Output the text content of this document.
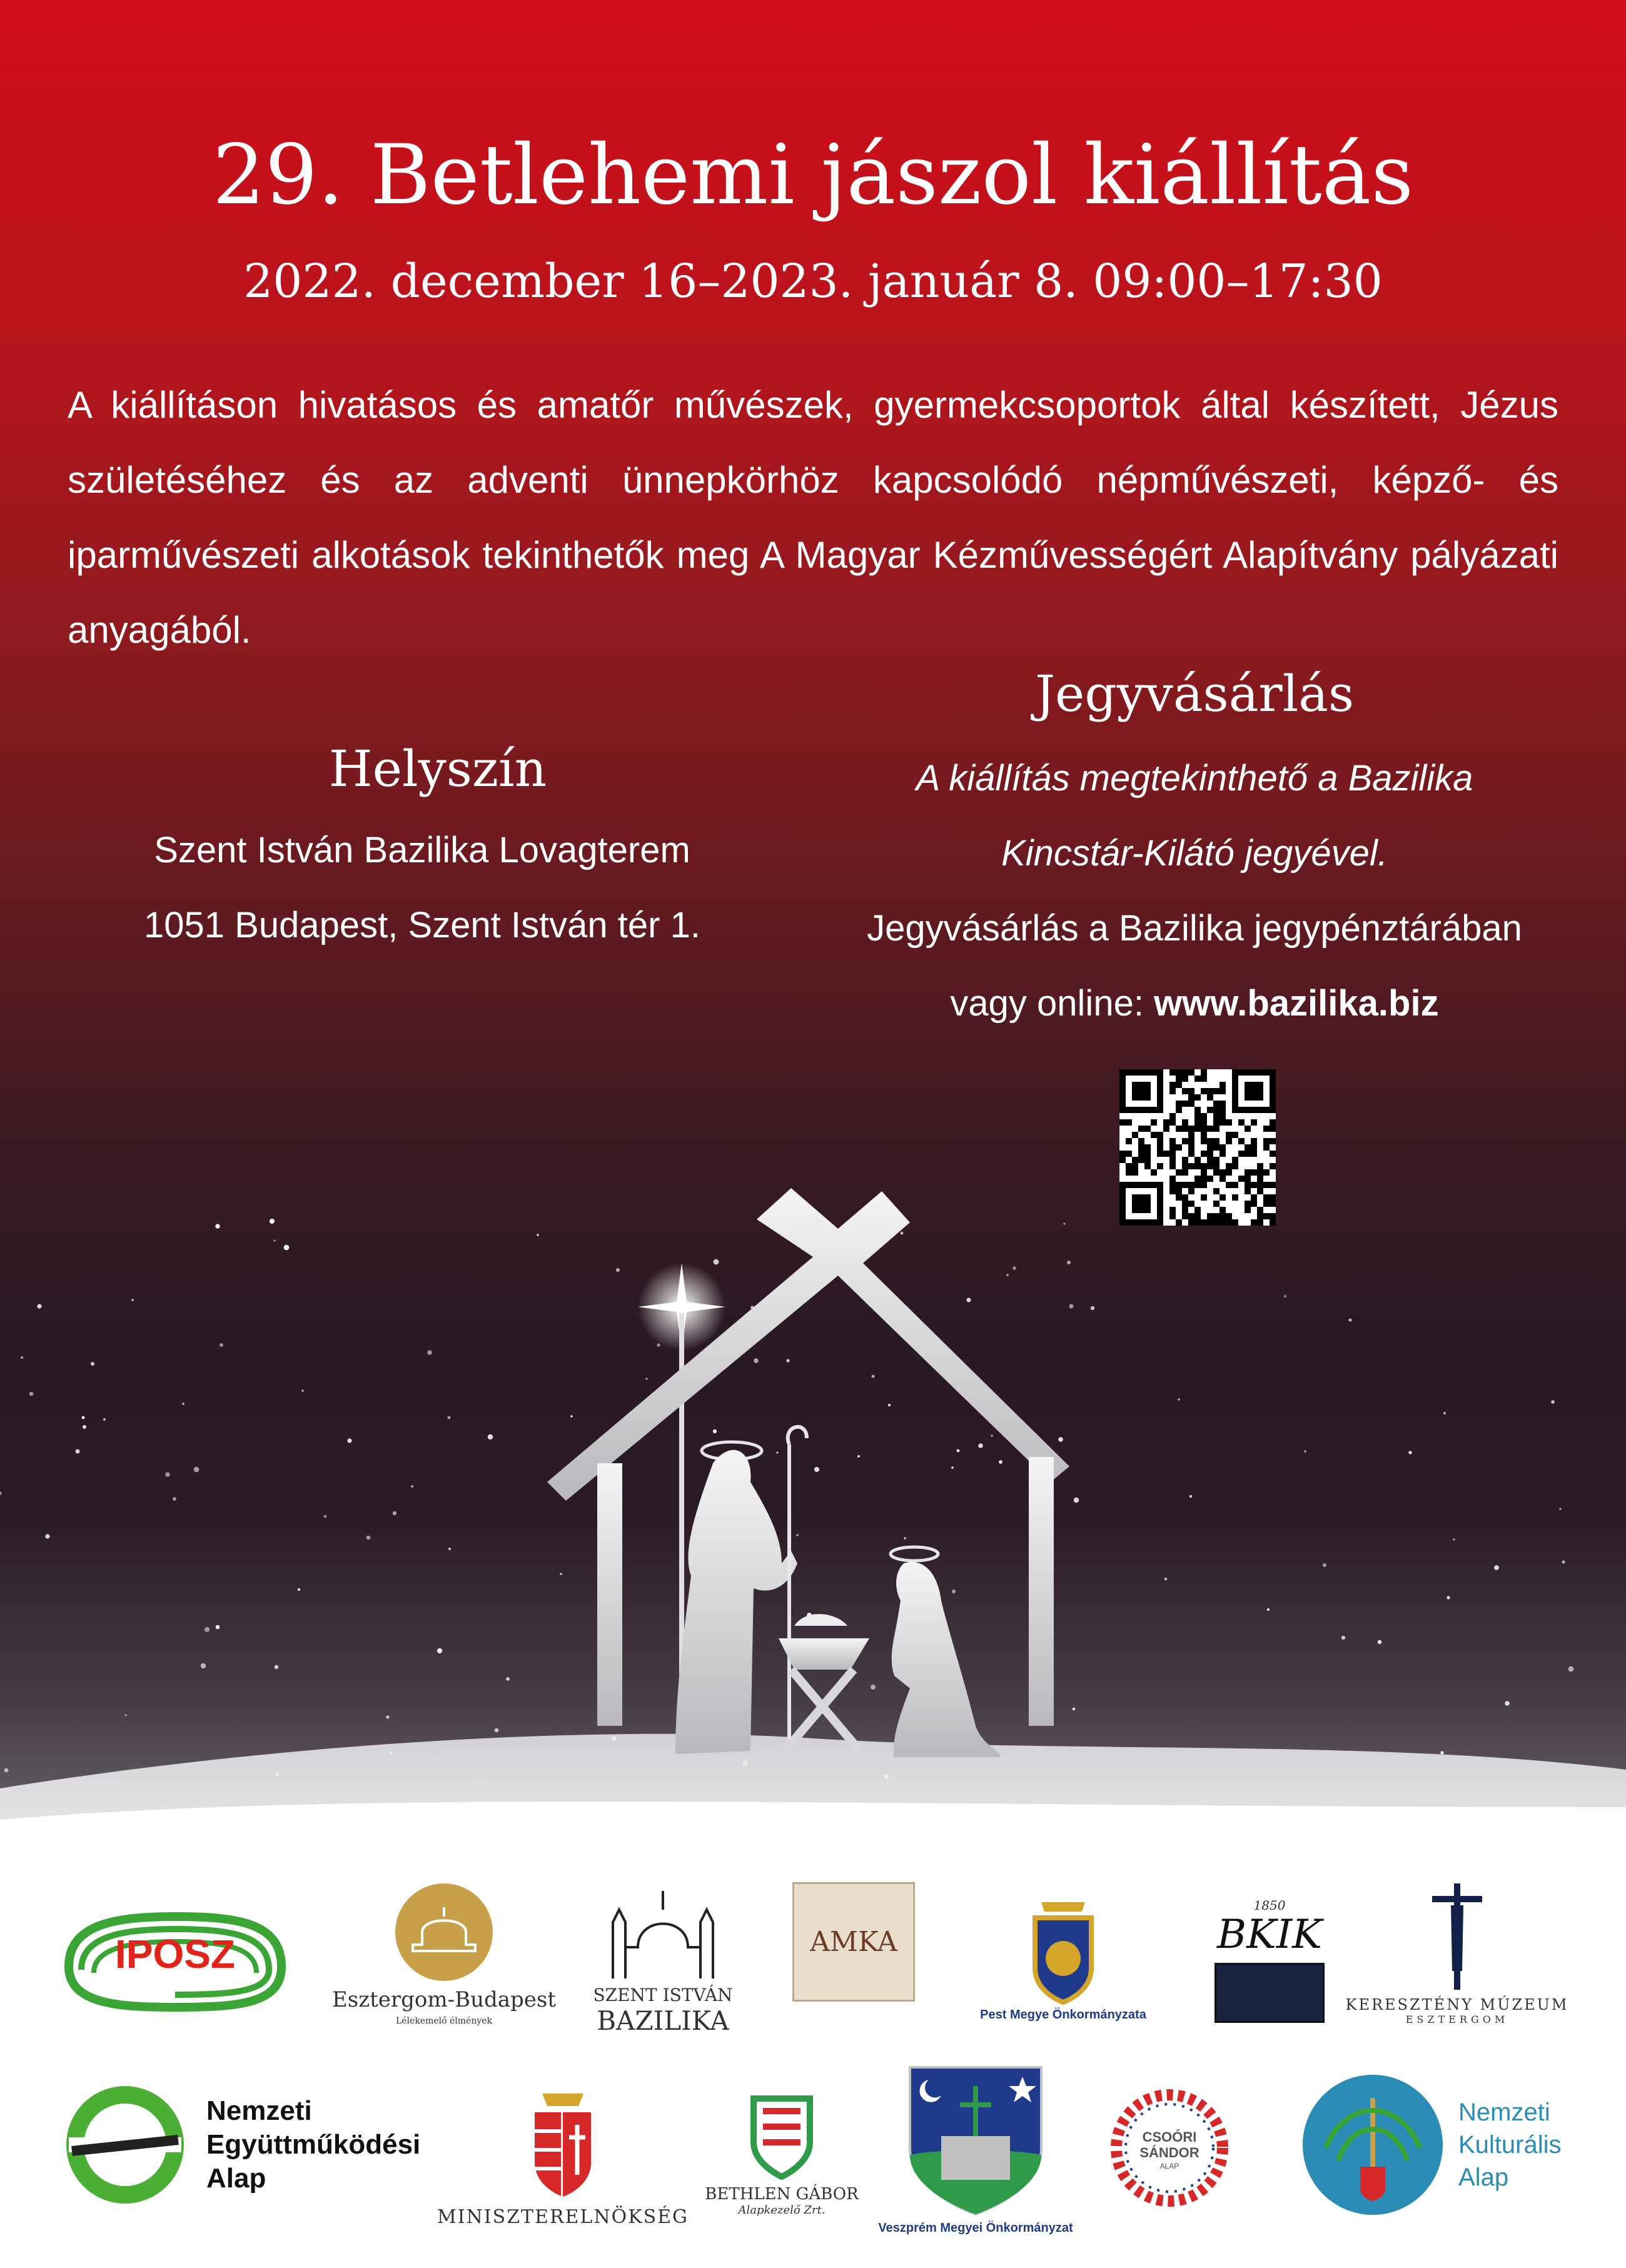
29. Betlehemi jászol kiállítás
2022. december 16–2023. január 8. 09:00–17:30

A kiállításon hivatásos és amatőr művészek, gyermekcsoportok által készített, Jézus születéséhez és az adventi ünnepkörhöz kapcsolódó népművészeti, képző- és iparművészeti alkotások tekinthetők meg A Magyar Kézművességért Alapítvány pályázati anyagából.

Helyszín
Szent István Bazilika Lovagterem
1051 Budapest, Szent István tér 1.
Jegyvásárlás
A kiállítás megtekinthető a Bazilika
Kincstár-Kilátó jegyével.
Jegyvásárlás a Bazilika jegypénztárában
vagy online: www.bazilika.biz
IPOSZ
Esztergom-Budapest
Lélekemelő élmények
SZENT ISTVÁN
BAZILIKA
AMKA
Pest Megye Önkormányzata
1850
BKIK
KERESZTÉNY MÚZEUM
ESZTERGOM
Nemzeti
Együttműködési
Alap
MINISZTERELNÖKSÉG
BETHLEN GÁBOR
Alapkezelő Zrt.
Veszprém Megyei Önkormányzat
CSOÓRI
SÁNDOR
ALAP
Nemzeti
Kulturális
Alap
